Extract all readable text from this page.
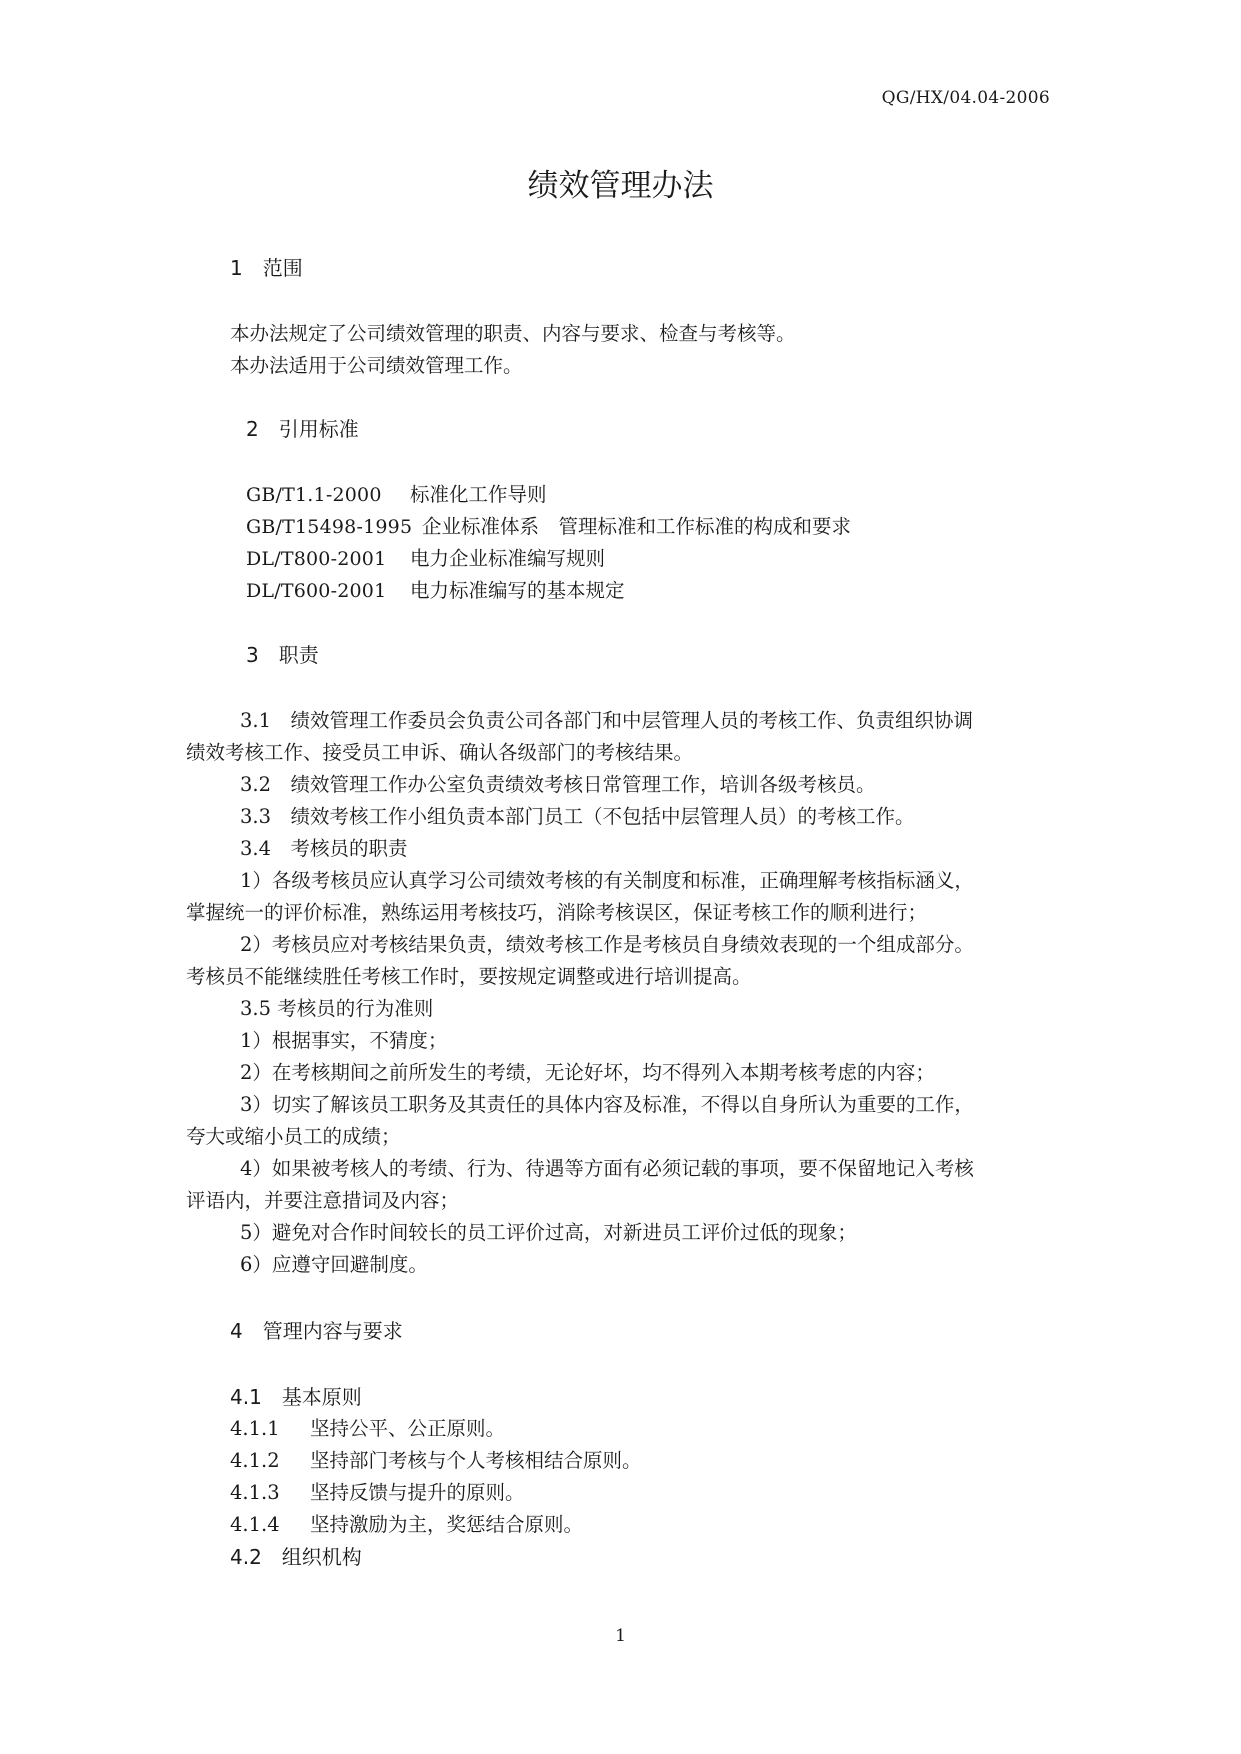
QG/HX/04.04-2006
绩效管理办法
1　范围
本办法规定了公司绩效管理的职责、内容与要求、检查与考核等。
本办法适用于公司绩效管理工作。
2　引用标准
GB/T1.1-2000 标准化工作导则
GB/T15498-1995 企业标准体系　管理标准和工作标准的构成和要求
DL/T800-2001 电力企业标准编写规则
DL/T600-2001 电力标准编写的基本规定
3　职责
3.1　绩效管理工作委员会负责公司各部门和中层管理人员的考核工作、负责组织协调
绩效考核工作、接受员工申诉、确认各级部门的考核结果。
3.2　绩效管理工作办公室负责绩效考核日常管理工作，培训各级考核员。
3.3　绩效考核工作小组负责本部门员工（不包括中层管理人员）的考核工作。
3.4　考核员的职责
1）各级考核员应认真学习公司绩效考核的有关制度和标准，正确理解考核指标涵义，
掌握统一的评价标准，熟练运用考核技巧，消除考核误区，保证考核工作的顺利进行；
2）考核员应对考核结果负责，绩效考核工作是考核员自身绩效表现的一个组成部分。
考核员不能继续胜任考核工作时，要按规定调整或进行培训提高。
3.5 考核员的行为准则
1）根据事实，不猜度；
2）在考核期间之前所发生的考绩，无论好坏，均不得列入本期考核考虑的内容；
3）切实了解该员工职务及其责任的具体内容及标准，不得以自身所认为重要的工作，
夸大或缩小员工的成绩；
4）如果被考核人的考绩、行为、待遇等方面有必须记载的事项，要不保留地记入考核
评语内，并要注意措词及内容；
5）避免对合作时间较长的员工评价过高，对新进员工评价过低的现象；
6）应遵守回避制度。
4　管理内容与要求
4.1　基本原则
4.1.1 坚持公平、公正原则。
4.1.2 坚持部门考核与个人考核相结合原则。
4.1.3 坚持反馈与提升的原则。
4.1.4 坚持激励为主，奖惩结合原则。
4.2　组织机构
1
